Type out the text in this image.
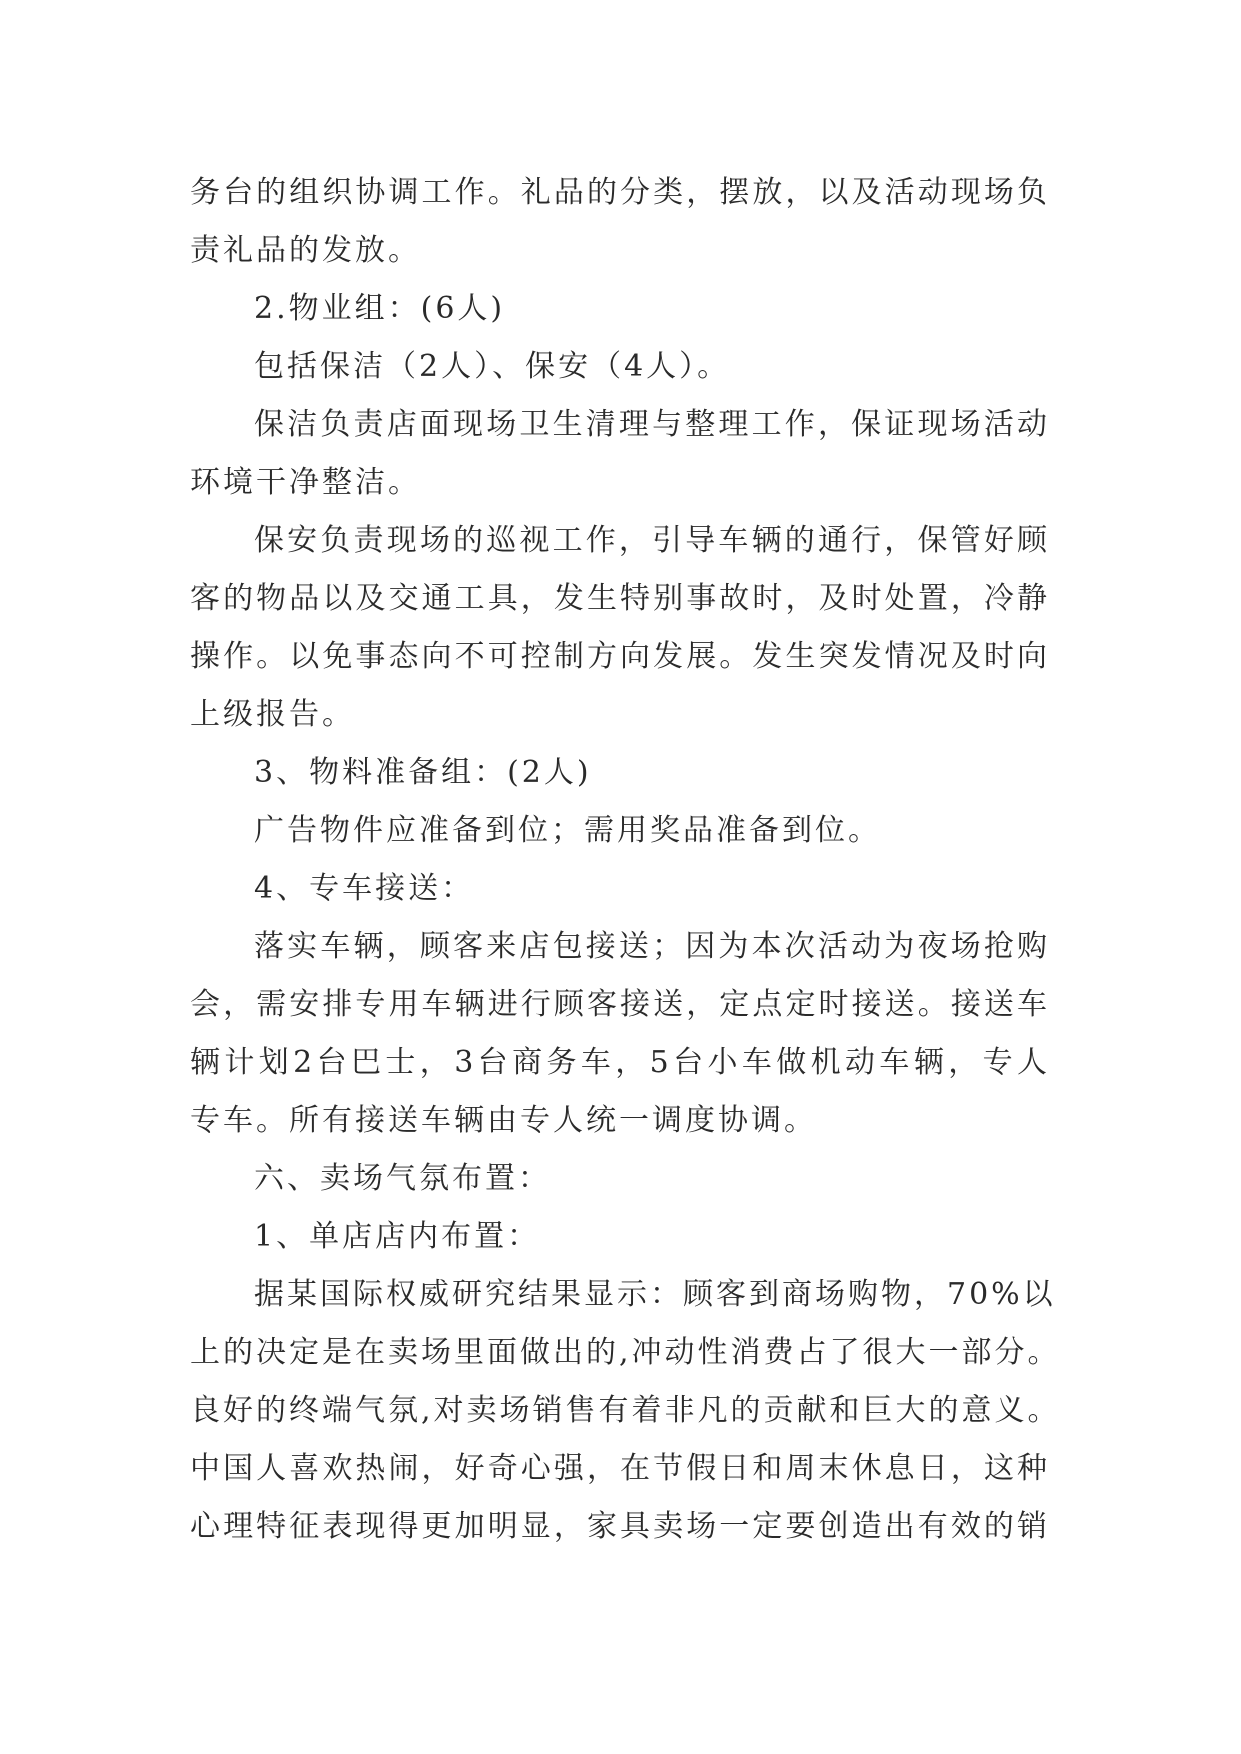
务台的组织协调工作。礼品的分类，摆放，以及活动现场负
责礼品的发放。
2.物业组：(6人)
包括保洁（2人）、保安（4人）。
保洁负责店面现场卫生清理与整理工作，保证现场活动
环境干净整洁。
保安负责现场的巡视工作，引导车辆的通行，保管好顾
客的物品以及交通工具，发生特别事故时，及时处置，冷静
操作。以免事态向不可控制方向发展。发生突发情况及时向
上级报告。
3、物料准备组：(2人)
广告物件应准备到位；需用奖品准备到位。
4、专车接送：
落实车辆，顾客来店包接送；因为本次活动为夜场抢购
会，需安排专用车辆进行顾客接送，定点定时接送。接送车
辆计划2台巴士，3台商务车，5台小车做机动车辆，专人
专车。所有接送车辆由专人统一调度协调。
六、卖场气氛布置：
1、单店店内布置：
据某国际权威研究结果显示：顾客到商场购物，70%以
上的决定是在卖场里面做出的,冲动性消费占了很大一部分。
良好的终端气氛,对卖场销售有着非凡的贡献和巨大的意义。
中国人喜欢热闹，好奇心强，在节假日和周末休息日，这种
心理特征表现得更加明显，家具卖场一定要创造出有效的销
